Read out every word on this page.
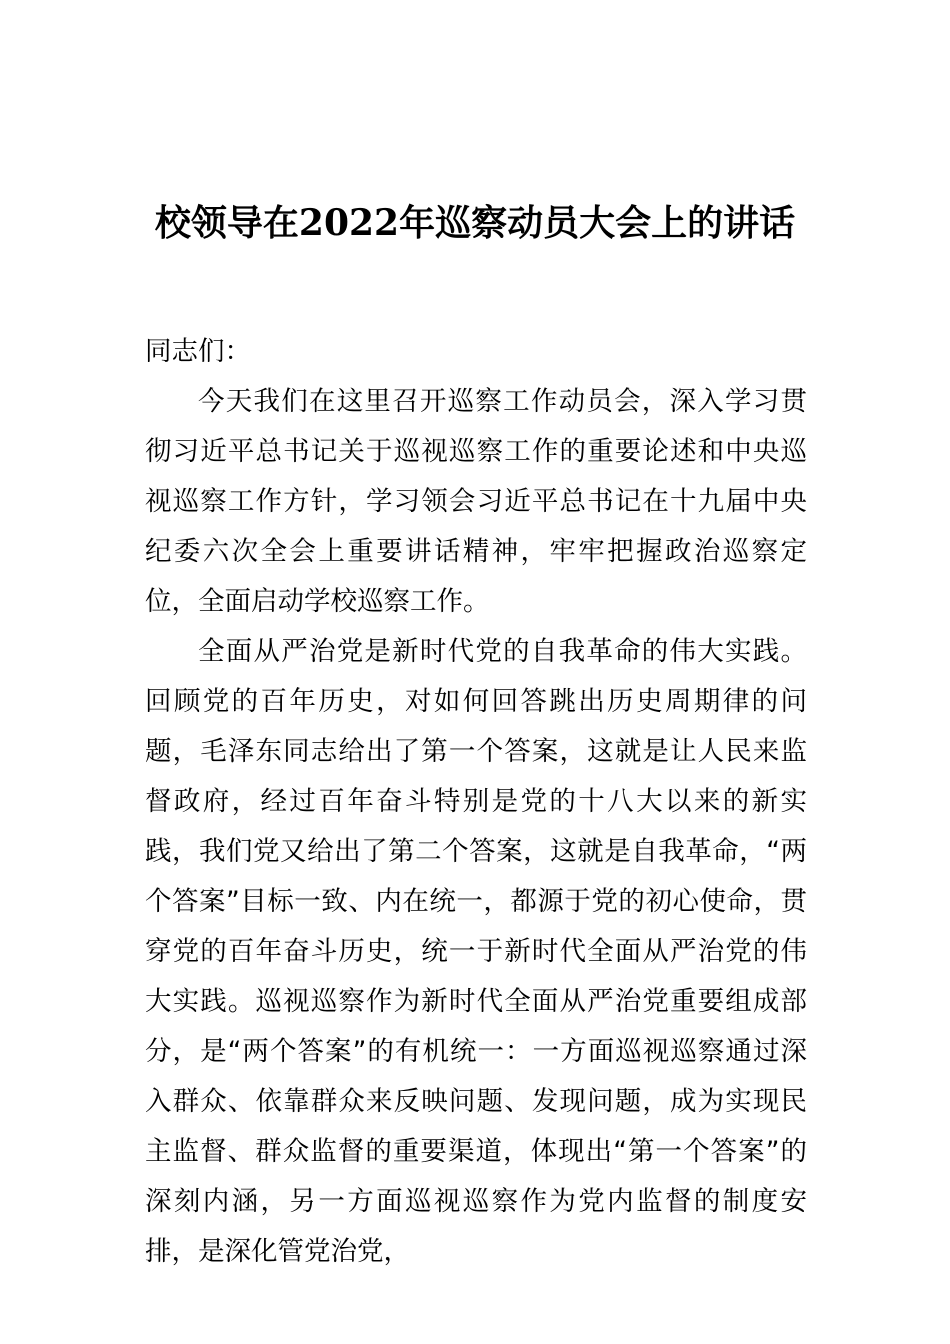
校领导在2022年巡察动员大会上的讲话

同志们：

今天我们在这里召开巡察工作动员会，深入学习贯彻习近平总书记关于巡视巡察工作的重要论述和中央巡视巡察工作方针，学习领会习近平总书记在十九届中央纪委六次全会上重要讲话精神，牢牢把握政治巡察定位，全面启动学校巡察工作。

全面从严治党是新时代党的自我革命的伟大实践。回顾党的百年历史，对如何回答跳出历史周期律的问题，毛泽东同志给出了第一个答案，这就是让人民来监督政府，经过百年奋斗特别是党的十八大以来的新实践，我们党又给出了第二个答案，这就是自我革命，“两个答案”目标一致、内在统一，都源于党的初心使命，贯穿党的百年奋斗历史，统一于新时代全面从严治党的伟大实践。巡视巡察作为新时代全面从严治党重要组成部分，是“两个答案”的有机统一：一方面巡视巡察通过深入群众、依靠群众来反映问题、发现问题，成为实现民主监督、群众监督的重要渠道，体现出“第一个答案”的深刻内涵，另一方面巡视巡察作为党内监督的制度安排，是深化管党治党，
